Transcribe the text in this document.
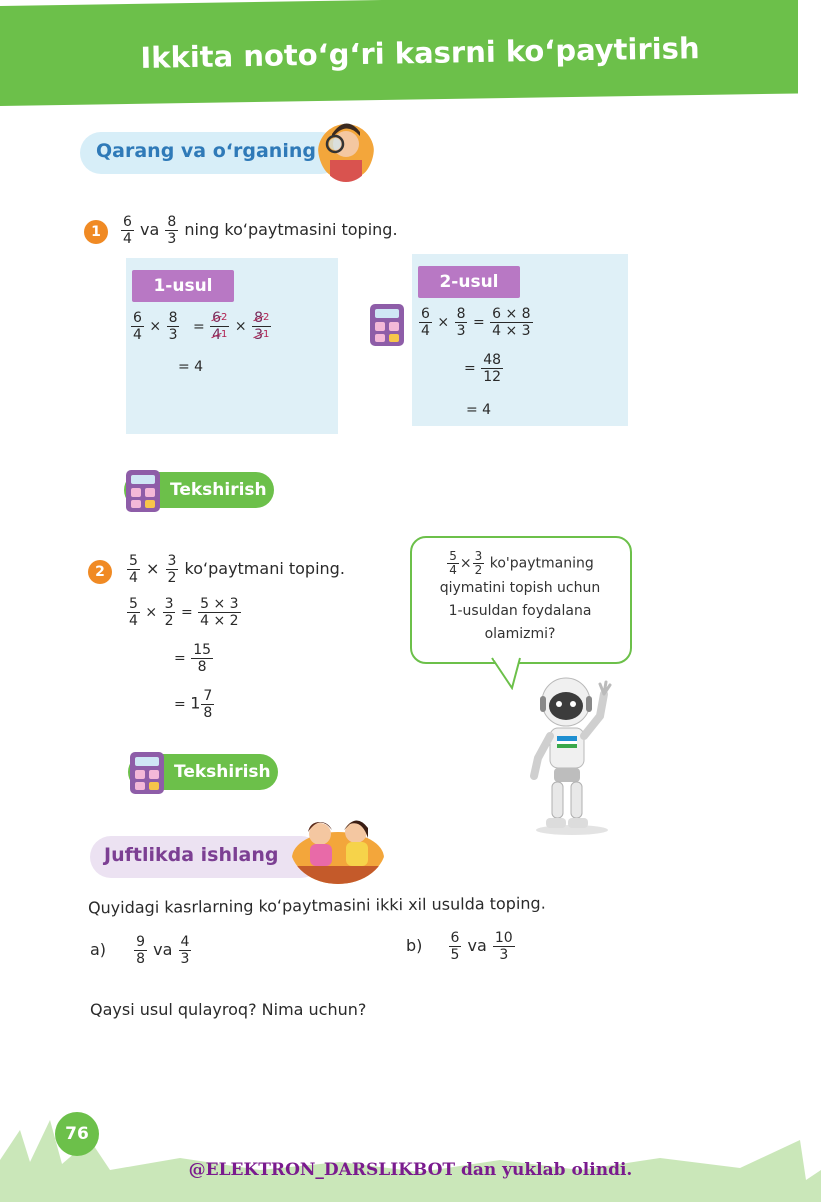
Ikkita noto‘g‘ri kasrni ko‘paytirish
Qarang va o‘rganing
1	$\frac{6}{4}$ va $\frac{8}{3}$ ning ko‘paytmasini toping.
1-usul
$\frac{6}{4} \times \frac{8}{3} = \frac{6^2}{41} \times \frac{8^2}{31}$
= 4
2-usul
$\frac{6}{4} \times \frac{8}{3} = \frac{6 \times 8}{4 \times 3}$
= $\frac{48}{12}$
= 4
Tekshirish
2	$\frac{5}{4} \times \frac{3}{2}$ ko‘paytmani toping.
$\frac{5}{4} \times \frac{3}{2} = \frac{5 \times 3}{4 \times 2}$
= $\frac{15}{8}$
= $1 \frac{7}{8}$
Tekshirish
$\frac{5}{4} \times \frac{3}{2}$ ko'paytmaning
qiymatini topish uchun
1-usuldan foydalana
olamizmi?
Juftlikda ishlang
Quyidagi kasrlarning ko‘paytmasini ikki xil usulda toping.
$a) \frac{9}{8}$ va $\frac{4}{3}$	$b) \frac{6}{5}$ va $\frac{10}{3}$
Qaysi usul qulayroq? Nima uchun?
76
@ELEKTRON_DARSLIKBOT dan yuklab olindi.
